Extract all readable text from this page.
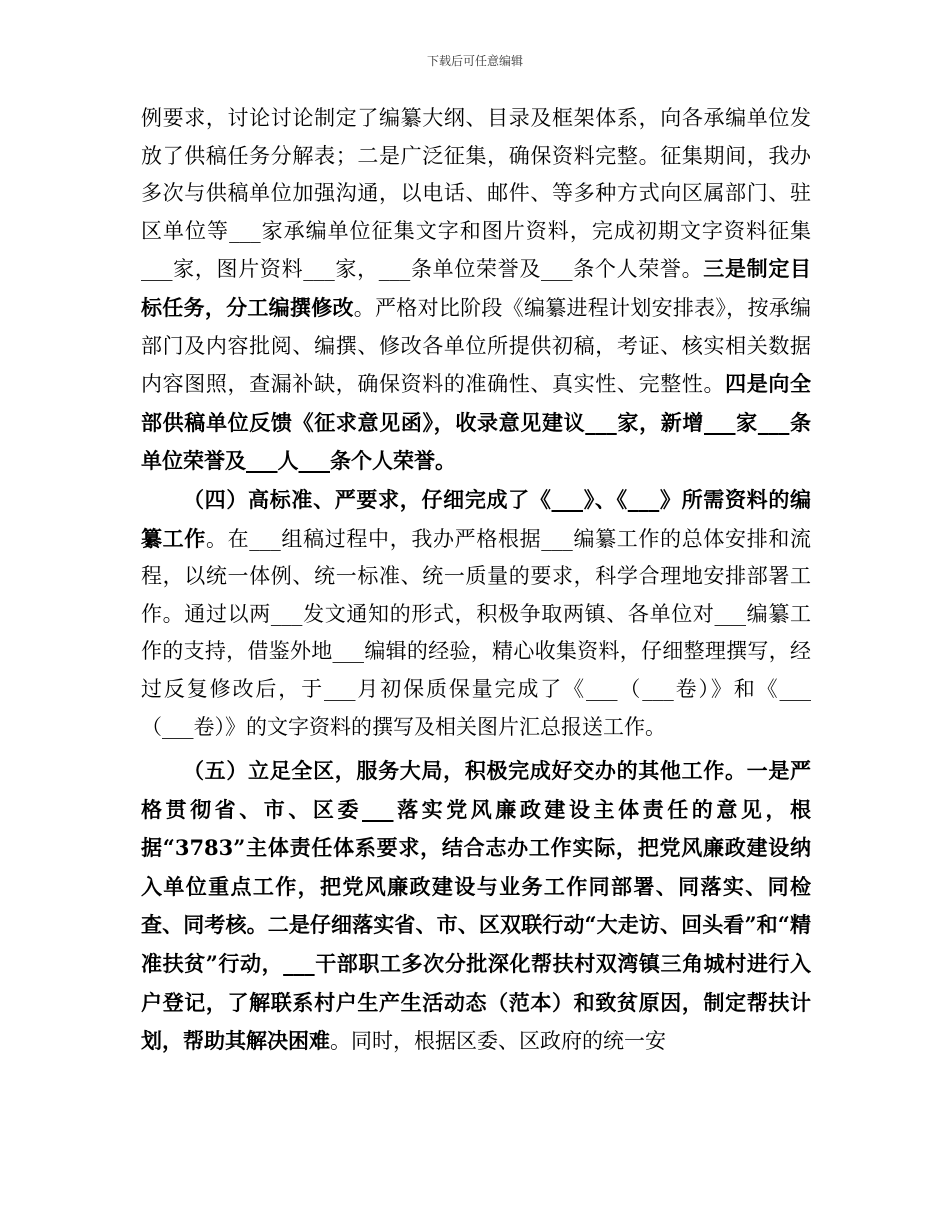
下载后可任意编辑

例要求，讨论讨论制定了编纂大纲、目录及框架体系，向各承编单位发放了供稿任务分解表；二是广泛征集，确保资料完整。征集期间，我办多次与供稿单位加强沟通，以电话、邮件、等多种方式向区属部门、驻区单位等___家承编单位征集文字和图片资料，完成初期文字资料征集___家，图片资料___家，___条单位荣誉及___条个人荣誉。三是制定目标任务，分工编撰修改。严格对比阶段《编纂进程计划安排表》，按承编部门及内容批阅、编撰、修改各单位所提供初稿，考证、核实相关数据内容图照，查漏补缺，确保资料的准确性、真实性、完整性。四是向全部供稿单位反馈《征求意见函》，收录意见建议___家，新增___家___条单位荣誉及___人___条个人荣誉。

（四）高标准、严要求，仔细完成了《___》、《___》所需资料的编纂工作。在___组稿过程中，我办严格根据___编纂工作的总体安排和流程，以统一体例、统一标准、统一质量的要求，科学合理地安排部署工作。通过以两___发文通知的形式，积极争取两镇、各单位对___编纂工作的支持，借鉴外地___编辑的经验，精心收集资料，仔细整理撰写，经过反复修改后，于___月初保质保量完成了《___（___卷）》和《___（___卷）》的文字资料的撰写及相关图片汇总报送工作。

（五）立足全区，服务大局，积极完成好交办的其他工作。一是严格贯彻省、市、区委___落实党风廉政建设主体责任的意见，根据“3783”主体责任体系要求，结合志办工作实际，把党风廉政建设纳入单位重点工作，把党风廉政建设与业务工作同部署、同落实、同检查、同考核。二是仔细落实省、市、区双联行动“大走访、回头看”和“精准扶贫”行动，___干部职工多次分批深化帮扶村双湾镇三角城村进行入户登记，了解联系村户生产生活动态（范本）和致贫原因，制定帮扶计划，帮助其解决困难。同时，根据区委、区政府的统一安
